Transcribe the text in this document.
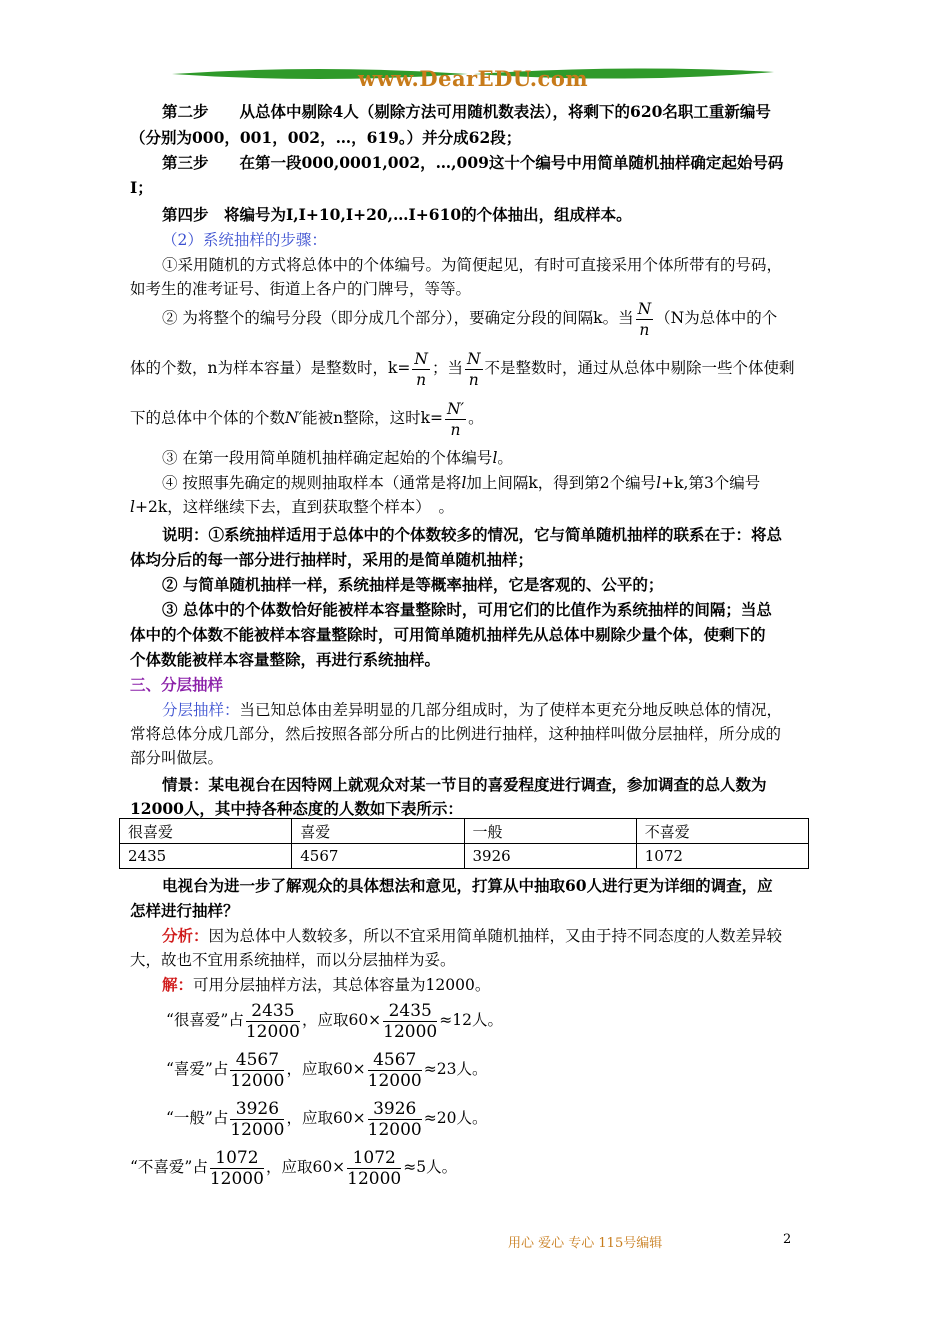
www.DearEDU.com
第二步　　从总体中剔除4人（剔除方法可用随机数表法），将剩下的620名职工重新编号
（分别为000，001，002，…，619。）并分成62段；
第三步　　在第一段000,0001,002，…,009这十个编号中用简单随机抽样确定起始号码
I；
第四步　将编号为I,I+10,I+20,…I+610的个体抽出，组成样本。
（2）系统抽样的步骤：
①采用随机的方式将总体中的个体编号。为简便起见，有时可直接采用个体所带有的号码，
如考生的准考证号、街道上各户的门牌号，等等。
② 为将整个的编号分段（即分成几个部分），要确定分段的间隔k。当 $\frac{N}{n} (N$为总体中的个
体的个数，n为样本容量）是整数时，$k= \frac{N}{n}$ ；当 $\frac{N}{n}$ 不是整数时，通过从总体中剔除一些个体使剩
下的总体中个体的个数N′能被n整除，这时$k= \frac{N'}{n}$ 。
③ 在第一段用简单随机抽样确定起始的个体编号l。
④ 按照事先确定的规则抽取样本（通常是将l加上间隔k，得到第2个编号l+k,第3个编号
l+2k，这样继续下去，直到获取整个样本）　。
说明：①系统抽样适用于总体中的个体数较多的情况，它与简单随机抽样的联系在于：将总
体均分后的每一部分进行抽样时，采用的是简单随机抽样；
② 与简单随机抽样一样，系统抽样是等概率抽样，它是客观的、公平的；
③ 总体中的个体数恰好能被样本容量整除时，可用它们的比值作为系统抽样的间隔；当总
体中的个体数不能被样本容量整除时，可用简单随机抽样先从总体中剔除少量个体，使剩下的
个体数能被样本容量整除，再进行系统抽样。
三、分层抽样
分层抽样：当已知总体由差异明显的几部分组成时，为了使样本更充分地反映总体的情况，
常将总体分成几部分，然后按照各部分所占的比例进行抽样，这种抽样叫做分层抽样，所分成的
部分叫做层。
情景：某电视台在因特网上就观众对某一节目的喜爱程度进行调查，参加调查的总人数为
12000人，其中持各种态度的人数如下表所示：
很喜爱	喜爱	一般	不喜爱
2435	4567	3926	1072
电视台为进一步了解观众的具体想法和意见，打算从中抽取60人进行更为详细的调查，应
怎样进行抽样？
分析：因为总体中人数较多，所以不宜采用简单随机抽样，又由于持不同态度的人数差异较
大，故也不宜用系统抽样，而以分层抽样为妥。
解：可用分层抽样方法，其总体容量为12000。
“很喜爱”占 $\frac{2435}{12000}$ ，应取$60\times \frac{2435}{12000} \approx 12$人。
“喜爱”占 $\frac{4567}{12000}$ ，应取$60\times \frac{4567}{12000} \approx 23$人。
“一般”占 $\frac{3926}{12000}$ ，应取$60\times \frac{3926}{12000} \approx 20$人。
“不喜爱”占 $\frac{1072}{12000}$ ，应取$60\times \frac{1072}{12000} \approx 5$人。
用心 爱心 专心 115号编辑	2
